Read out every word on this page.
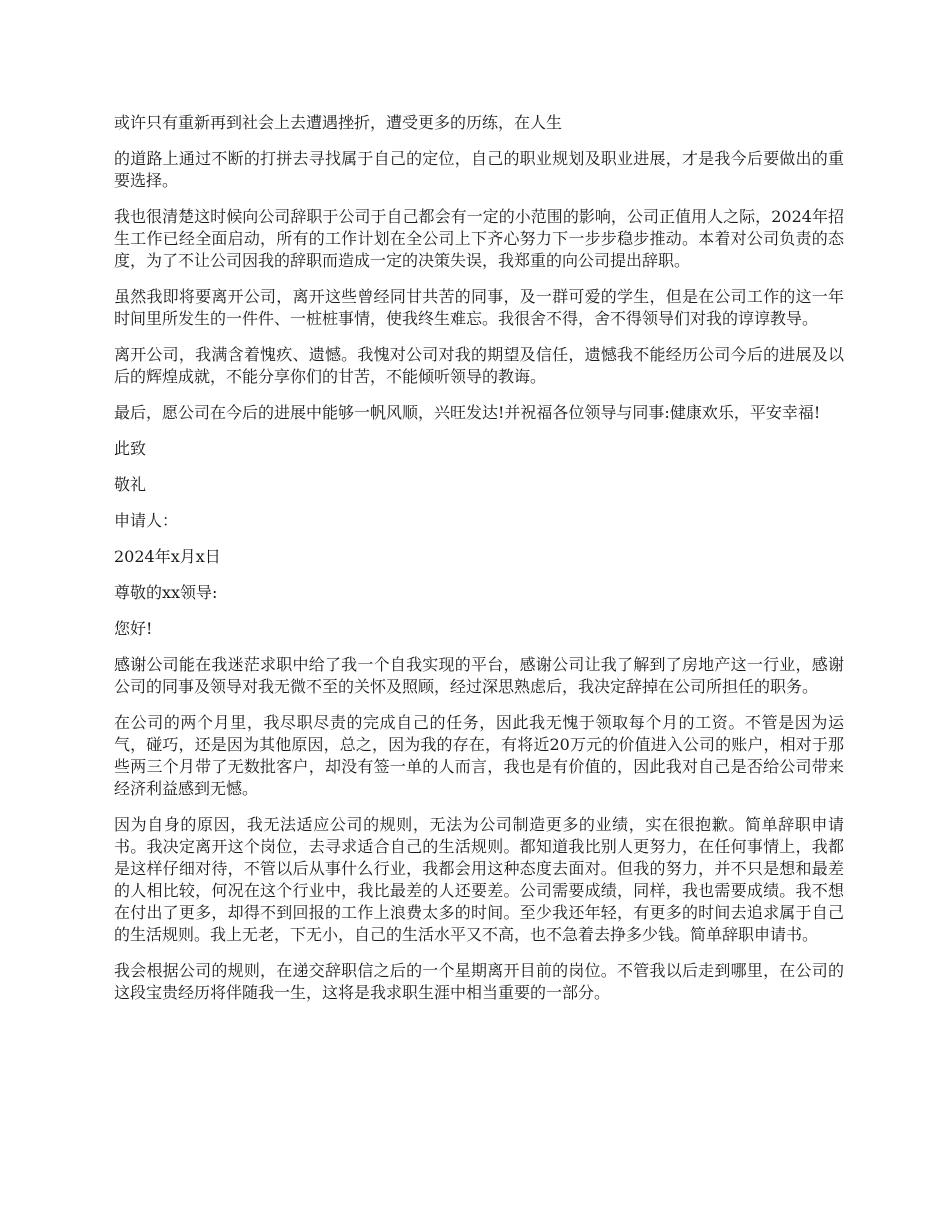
或许只有重新再到社会上去遭遇挫折，遭受更多的历练，在人生

的道路上通过不断的打拼去寻找属于自己的定位，自己的职业规划及职业进展，才是我今后要做出的重要选择。

我也很清楚这时候向公司辞职于公司于自己都会有一定的小范围的影响，公司正值用人之际，2024年招生工作已经全面启动，所有的工作计划在全公司上下齐心努力下一步步稳步推动。本着对公司负责的态度，为了不让公司因我的辞职而造成一定的决策失误，我郑重的向公司提出辞职。

虽然我即将要离开公司，离开这些曾经同甘共苦的同事，及一群可爱的学生，但是在公司工作的这一年时间里所发生的一件件、一桩桩事情，使我终生难忘。我很舍不得，舍不得领导们对我的谆谆教导。

离开公司，我满含着愧疚、遗憾。我愧对公司对我的期望及信任，遗憾我不能经历公司今后的进展及以后的辉煌成就，不能分享你们的甘苦，不能倾听领导的教诲。

最后，愿公司在今后的进展中能够一帆风顺，兴旺发达!并祝福各位领导与同事:健康欢乐，平安幸福!

此致

敬礼

申请人：

2024年x月x日

尊敬的xx领导:

您好!

感谢公司能在我迷茫求职中给了我一个自我实现的平台，感谢公司让我了解到了房地产这一行业，感谢公司的同事及领导对我无微不至的关怀及照顾，经过深思熟虑后，我决定辞掉在公司所担任的职务。

在公司的两个月里，我尽职尽责的完成自己的任务，因此我无愧于领取每个月的工资。不管是因为运气，碰巧，还是因为其他原因，总之，因为我的存在，有将近20万元的价值进入公司的账户，相对于那些两三个月带了无数批客户，却没有签一单的人而言，我也是有价值的，因此我对自己是否给公司带来经济利益感到无憾。

因为自身的原因，我无法适应公司的规则，无法为公司制造更多的业绩，实在很抱歉。简单辞职申请书。我决定离开这个岗位，去寻求适合自己的生活规则。都知道我比别人更努力，在任何事情上，我都是这样仔细对待，不管以后从事什么行业，我都会用这种态度去面对。但我的努力，并不只是想和最差的人相比较，何况在这个行业中，我比最差的人还要差。公司需要成绩，同样，我也需要成绩。我不想在付出了更多，却得不到回报的工作上浪费太多的时间。至少我还年轻，有更多的时间去追求属于自己的生活规则。我上无老，下无小，自己的生活水平又不高，也不急着去挣多少钱。简单辞职申请书。

我会根据公司的规则，在递交辞职信之后的一个星期离开目前的岗位。不管我以后走到哪里，在公司的这段宝贵经历将伴随我一生，这将是我求职生涯中相当重要的一部分。
